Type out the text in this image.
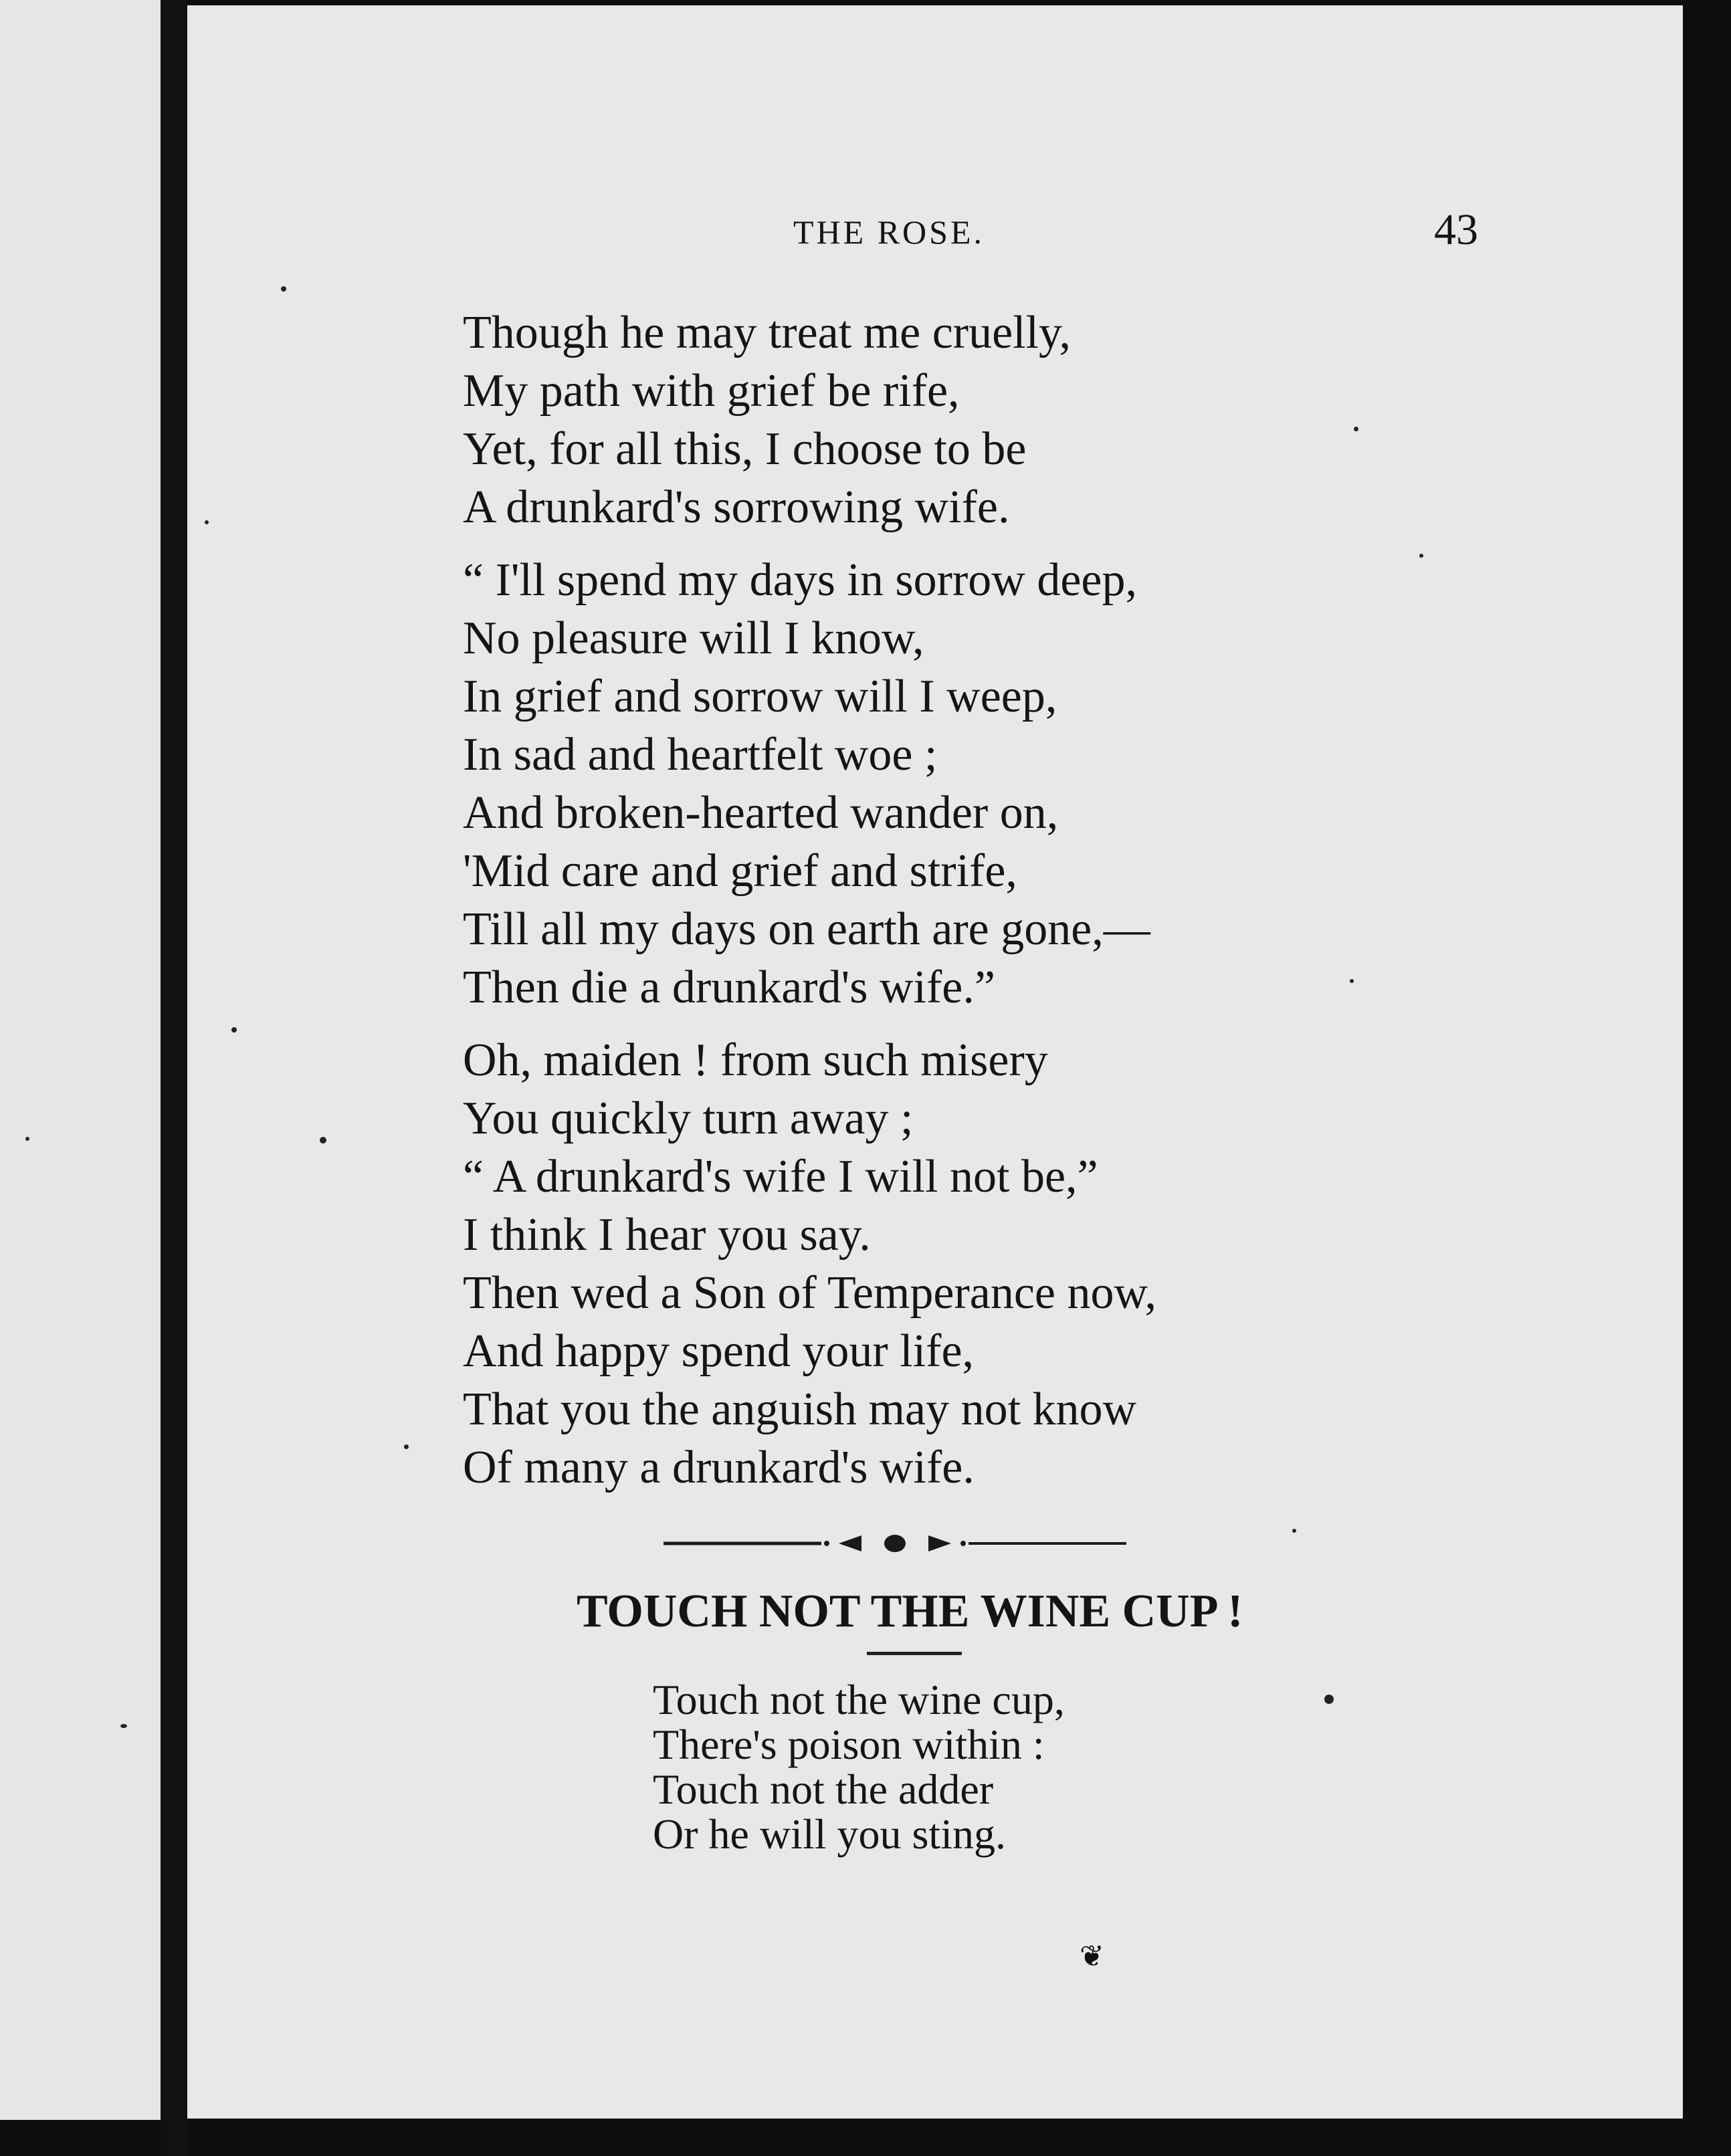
THE ROSE.	43
Though he may treat me cruelly,
My path with grief be rife,
Yet, for all this, I choose to be
A drunkard's sorrowing wife.
“ I'll spend my days in sorrow deep,
No pleasure will I know,
In grief and sorrow will I weep,
In sad and heartfelt woe ;
And broken-hearted wander on,
'Mid care and grief and strife,
Till all my days on earth are gone,—
Then die a drunkard's wife.”
Oh, maiden ! from such misery
You quickly turn away ;
“ A drunkard's wife I will not be,”
I think I hear you say.
Then wed a Son of Temperance now,
And happy spend your life,
That you the anguish may not know
Of many a drunkard's wife.
TOUCH NOT THE WINE CUP !
Touch not the wine cup,
There's poison within :
Touch not the adder
Or he will you sting.
❦
